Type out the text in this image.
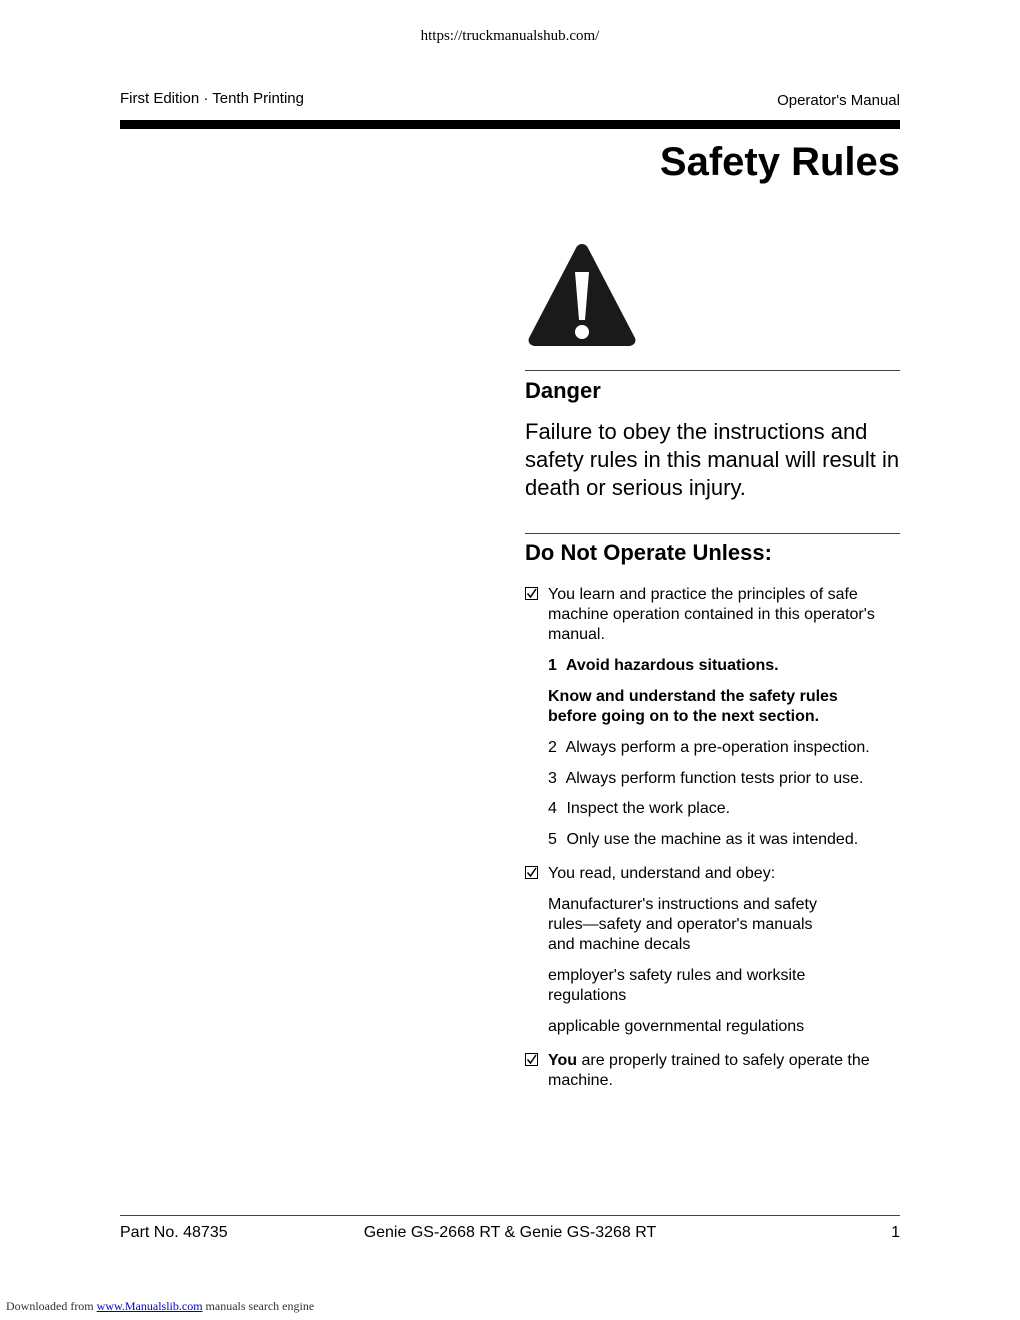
https://truckmanualshub.com/
First Edition · Tenth Printing	Operator's Manual
Safety Rules
Danger
Failure to obey the instructions and safety rules in this manual will result in death or serious injury.
Do Not Operate Unless:
You learn and practice the principles of safe machine operation contained in this operator's manual.
1 Avoid hazardous situations.
Know and understand the safety rules before going on to the next section.
2 Always perform a pre-operation inspection.
3 Always perform function tests prior to use.
4 Inspect the work place.
5 Only use the machine as it was intended.
You read, understand and obey:
Manufacturer's instructions and safety rules—safety and operator's manuals and machine decals
employer's safety rules and worksite regulations
applicable governmental regulations
You are properly trained to safely operate the machine.
Part No. 48735	Genie GS-2668 RT & Genie GS-3268 RT	1
Downloaded from www.Manualslib.com manuals search engine
